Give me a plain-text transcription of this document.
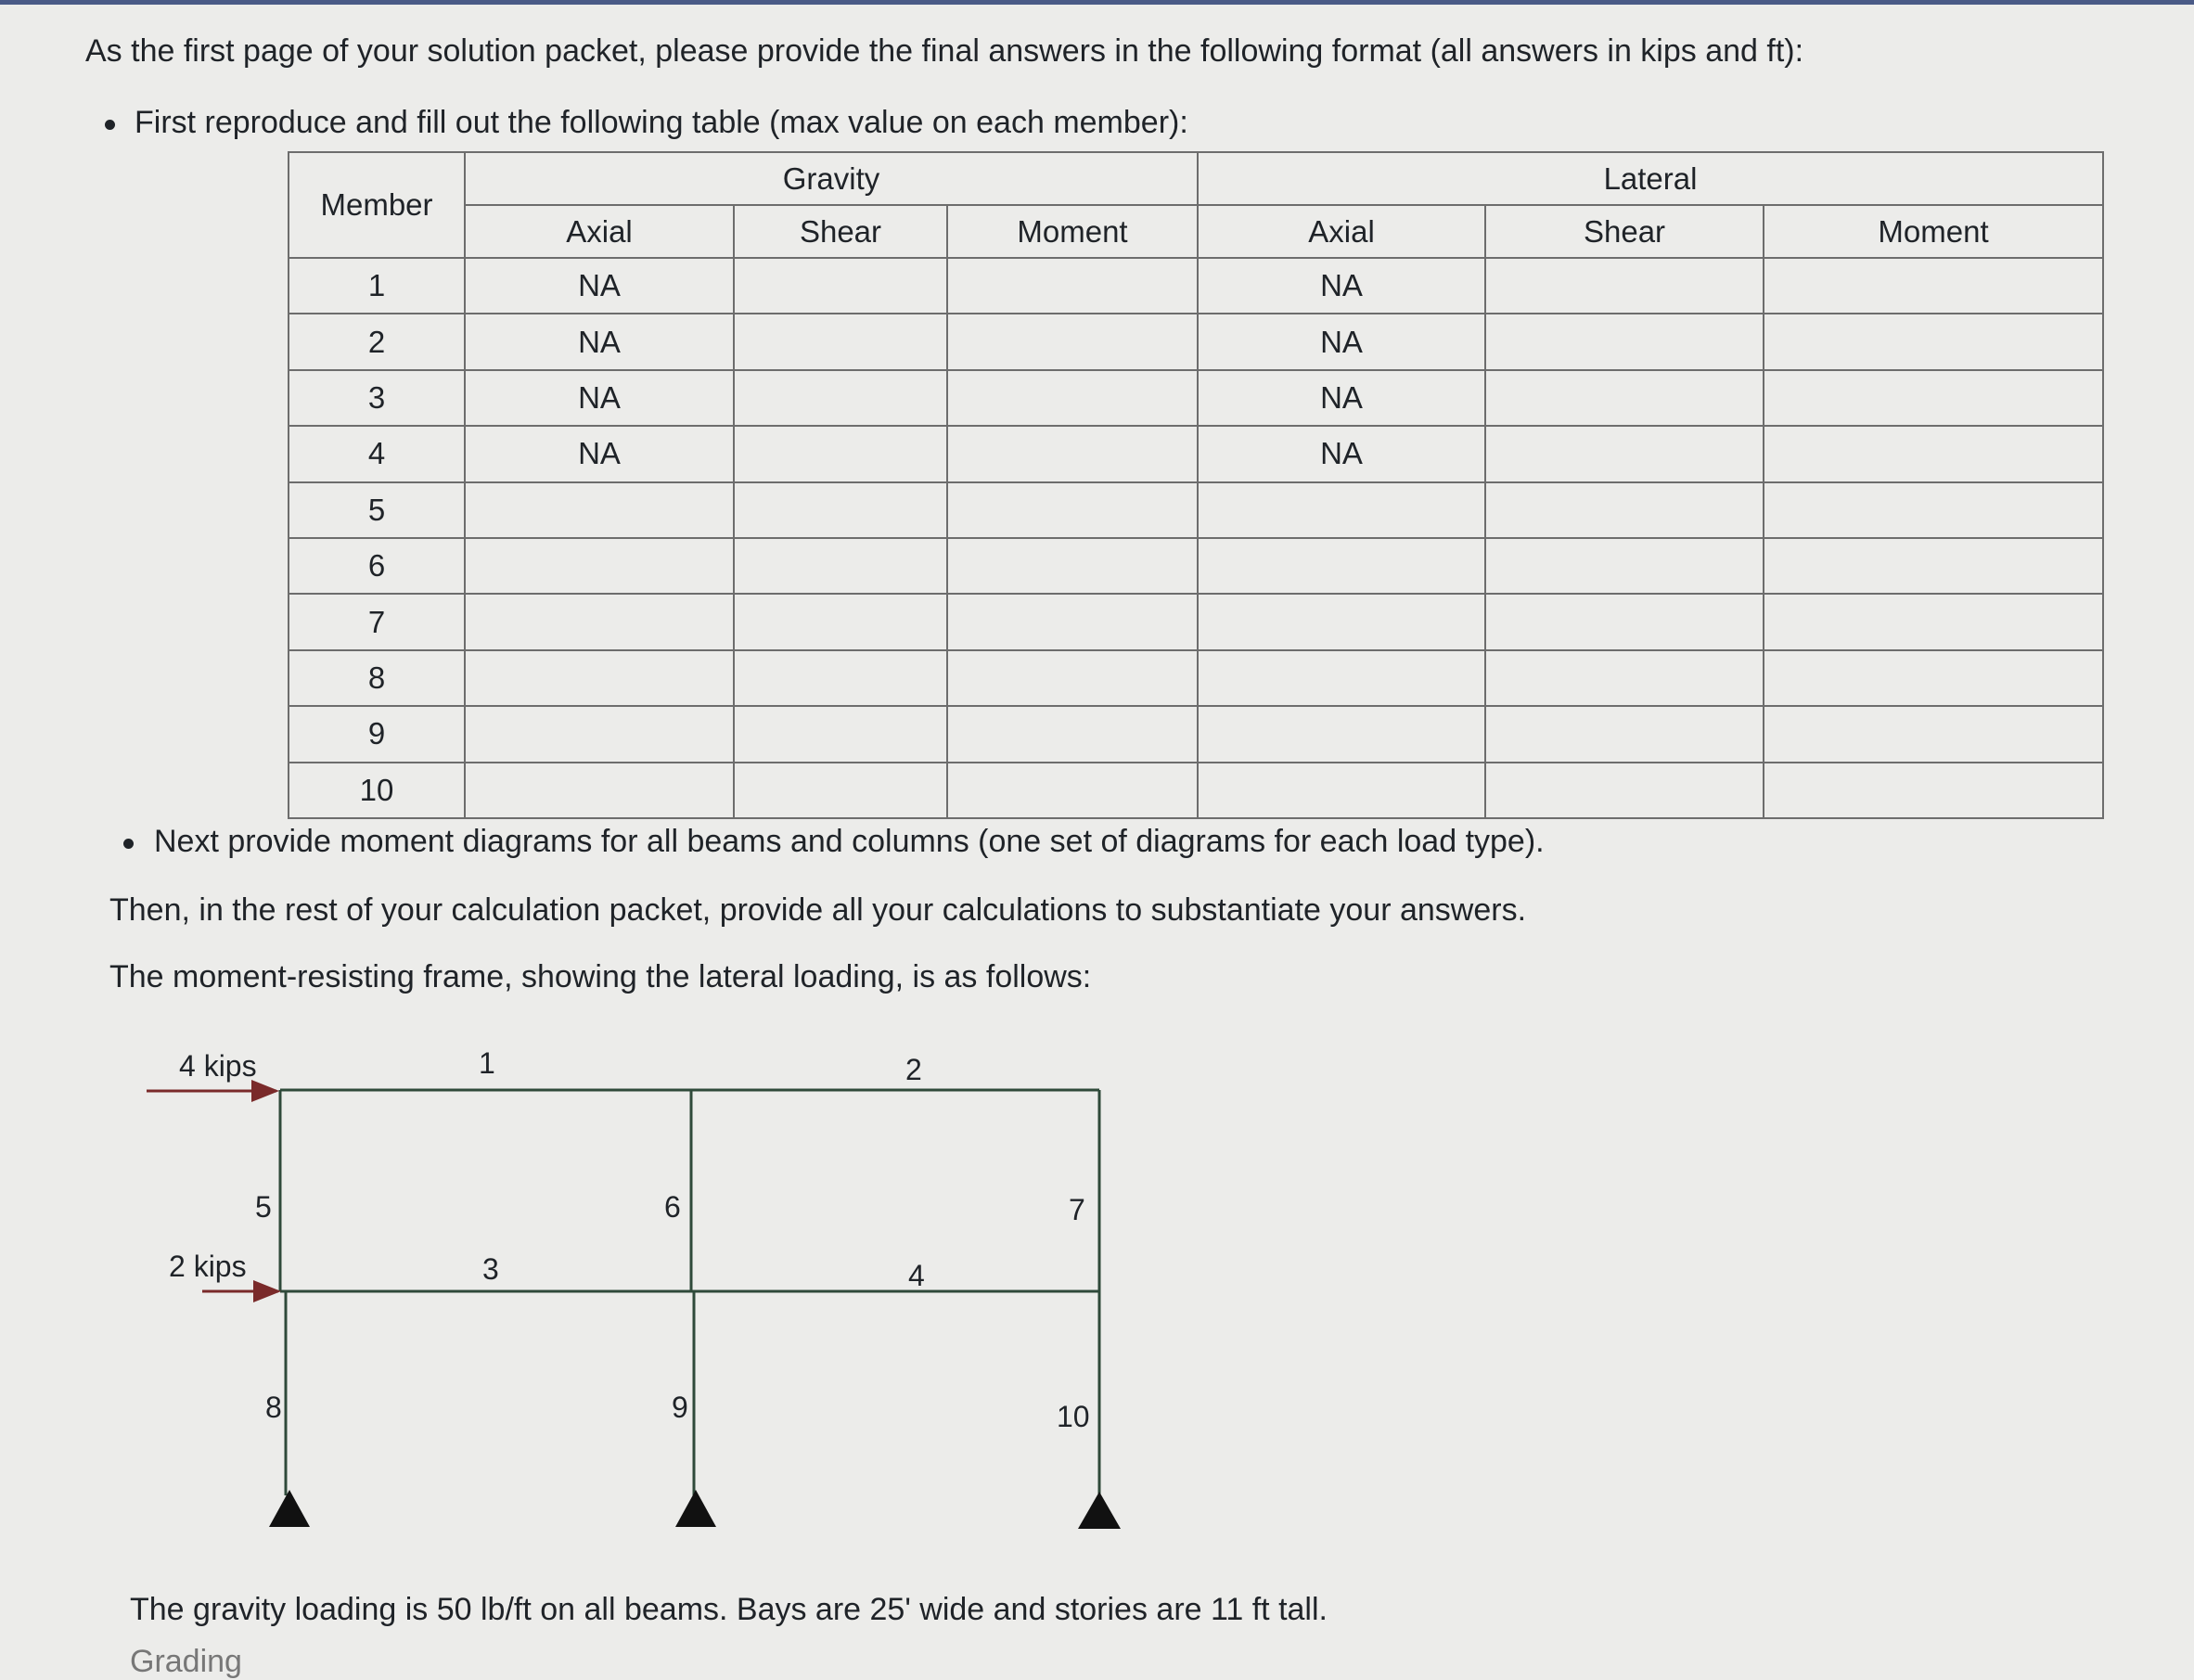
As the first page of your solution packet, please provide the final answers in the following format (all answers in kips and ft):
First reproduce and fill out the following table (max value on each member):
Member	Gravity			Lateral		
	Axial	Shear	Moment	Axial	Shear	Moment
1	NA			NA		
2	NA			NA		
3	NA			NA		
4	NA			NA		
5						
6						
7						
8						
9						
10						
Next provide moment diagrams for all beams and columns (one set of diagrams for each load type).
Then, in the rest of your calculation packet, provide all your calculations to substantiate your answers.
The moment-resisting frame, showing the lateral loading, is as follows:
4 kips
2 kips
1	2
3	4
5	6	7
8	9	10
The gravity loading is 50 lb/ft on all beams. Bays are 25' wide and stories are 11 ft tall.
Grading
